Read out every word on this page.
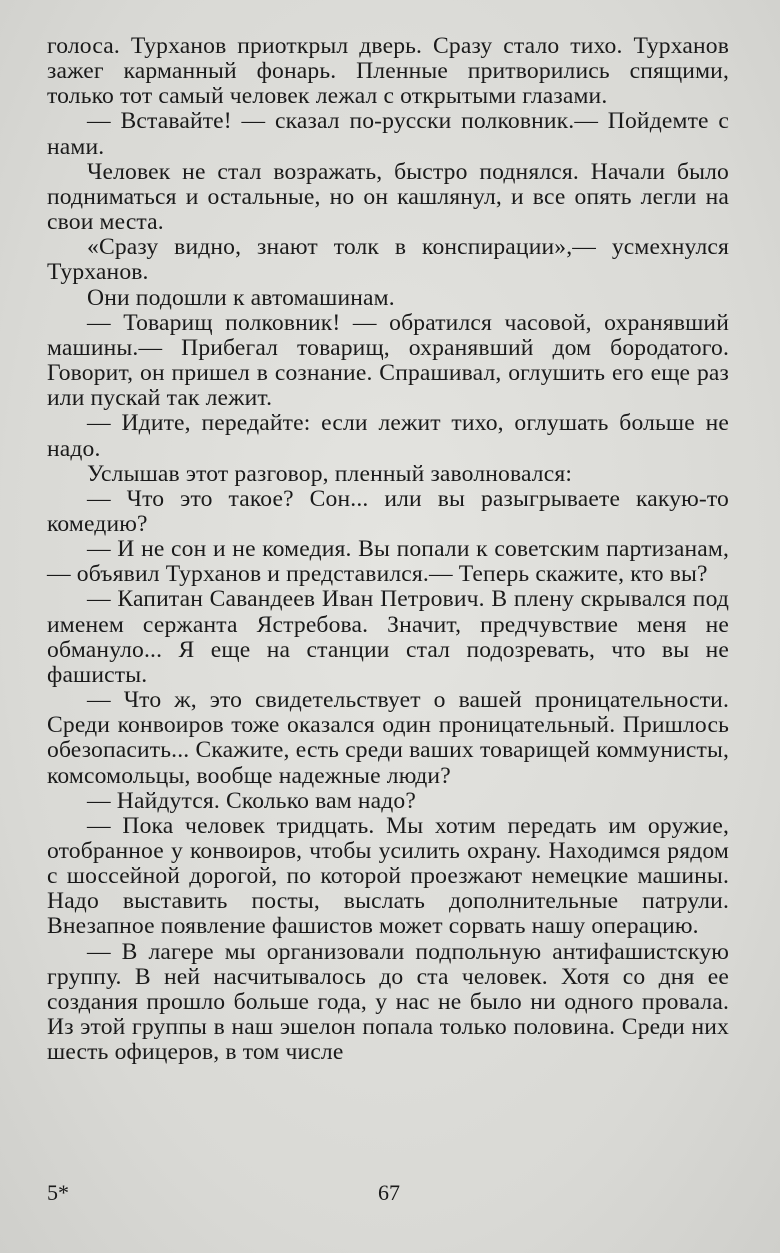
голоса. Турханов приоткрыл дверь. Сразу стало тихо. Турханов зажег карманный фонарь. Пленные притворились спящими, только тот самый человек лежал с открытыми глазами.

— Вставайте! — сказал по-русски полковник.— Пойдемте с нами.

Человек не стал возражать, быстро поднялся. Начали было подниматься и остальные, но он кашлянул, и все опять легли на свои места.

«Сразу видно, знают толк в конспирации»,— усмехнулся Турханов.

Они подошли к автомашинам.

— Товарищ полковник! — обратился часовой, охранявший машины.— Прибегал товарищ, охранявший дом бородатого. Говорит, он пришел в сознание. Спрашивал, оглушить его еще раз или пускай так лежит.

— Идите, передайте: если лежит тихо, оглушать больше не надо.

Услышав этот разговор, пленный заволновался:

— Что это такое? Сон... или вы разыгрываете какую-то комедию?

— И не сон и не комедия. Вы попали к советским партизанам,— объявил Турханов и представился.— Теперь скажите, кто вы?

— Капитан Савандеев Иван Петрович. В плену скрывался под именем сержанта Ястребова. Значит, предчувствие меня не обмануло... Я еще на станции стал подозревать, что вы не фашисты.

— Что ж, это свидетельствует о вашей проницательности. Среди конвоиров тоже оказался один проницательный. Пришлось обезопасить... Скажите, есть среди ваших товарищей коммунисты, комсомольцы, вообще надежные люди?

— Найдутся. Сколько вам надо?

— Пока человек тридцать. Мы хотим передать им оружие, отобранное у конвоиров, чтобы усилить охрану. Находимся рядом с шоссейной дорогой, по которой проезжают немецкие машины. Надо выставить посты, выслать дополнительные патрули. Внезапное появление фашистов может сорвать нашу операцию.

— В лагере мы организовали подпольную антифашистскую группу. В ней насчитывалось до ста человек. Хотя со дня ее создания прошло больше года, у нас не было ни одного провала. Из этой группы в наш эшелон попала только половина. Среди них шесть офицеров, в том числе

5*	67
